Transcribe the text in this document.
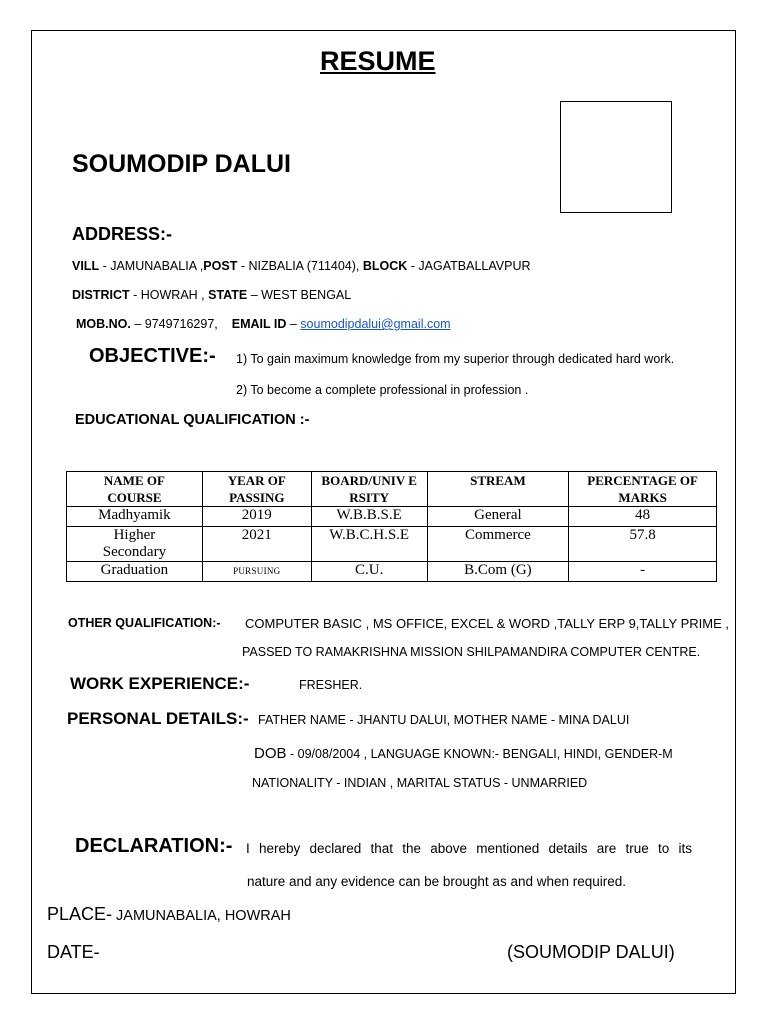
RESUME
SOUMODIP DALUI
ADDRESS:-
VILL - JAMUNABALIA ,POST - NIZBALIA (711404), BLOCK - JAGATBALLAVPUR
DISTRICT - HOWRAH , STATE – WEST BENGAL
MOB.NO. – 9749716297, EMAIL ID – soumodipdalui@gmail.com
OBJECTIVE:- 1) To gain maximum knowledge from my superior through dedicated hard work.
2) To become a complete professional in profession .
EDUCATIONAL QUALIFICATION :-
NAME OF COURSE	YEAR OF PASSING	BOARD/UNIV ERSITY	STREAM	PERCENTAGE OF MARKS
Madhyamik	2019	W.B.B.S.E	General	48
Higher Secondary	2021	W.B.C.H.S.E	Commerce	57.8
Graduation	PURSUING	C.U.	B.Com (G)	-
OTHER QUALIFICATION:- COMPUTER BASIC , MS OFFICE, EXCEL & WORD ,TALLY ERP 9,TALLY PRIME ,
PASSED TO RAMAKRISHNA MISSION SHILPAMANDIRA COMPUTER CENTRE.
WORK EXPERIENCE:-	FRESHER.
PERSONAL DETAILS:- FATHER NAME - JHANTU DALUI, MOTHER NAME - MINA DALUI
DOB - 09/08/2004 , LANGUAGE KNOWN:- BENGALI, HINDI, GENDER-M
NATIONALITY - INDIAN , MARITAL STATUS - UNMARRIED
DECLARATION:- I hereby declared that the above mentioned details are true to its
nature and any evidence can be brought as and when required.
PLACE- JAMUNABALIA, HOWRAH
DATE-	(SOUMODIP DALUI)
